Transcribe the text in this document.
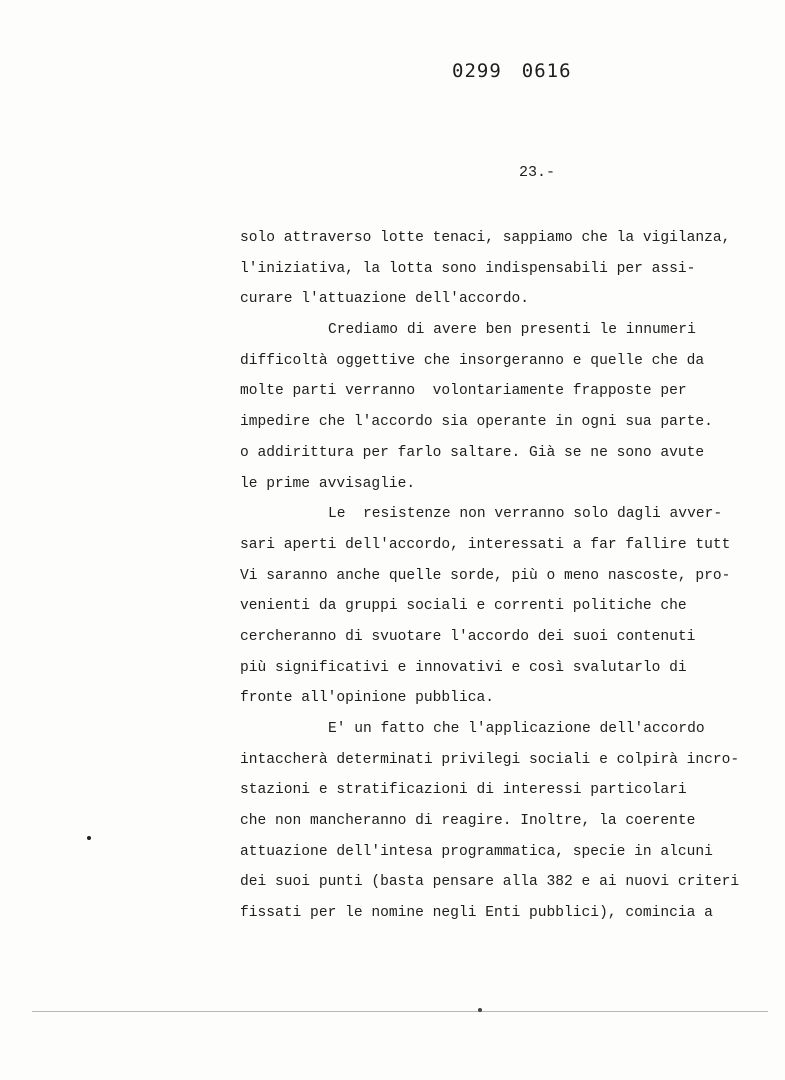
0299 0616
23.-
solo attraverso lotte tenaci, sappiamo che la vigilanza,
l'iniziativa, la lotta sono indispensabili per assi-
curare l'attuazione dell'accordo.
Crediamo di avere ben presenti le innumeri
difficoltà oggettive che insorgeranno e quelle che da
molte parti verranno  volontariamente frapposte per
impedire che l'accordo sia operante in ogni sua parte.
o addirittura per farlo saltare. Già se ne sono avute
le prime avvisaglie.
Le  resistenze non verranno solo dagli avver-
sari aperti dell'accordo, interessati a far fallire tutt
Vi saranno anche quelle sorde, più o meno nascoste, pro-
venienti da gruppi sociali e correnti politiche che
cercheranno di svuotare l'accordo dei suoi contenuti
più significativi e innovativi e così svalutarlo di
fronte all'opinione pubblica.
E' un fatto che l'applicazione dell'accordo
intaccherà determinati privilegi sociali e colpirà incro-
stazioni e stratificazioni di interessi particolari
che non mancheranno di reagire. Inoltre, la coerente
attuazione dell'intesa programmatica, specie in alcuni
dei suoi punti (basta pensare alla 382 e ai nuovi criteri
fissati per le nomine negli Enti pubblici), comincia a
